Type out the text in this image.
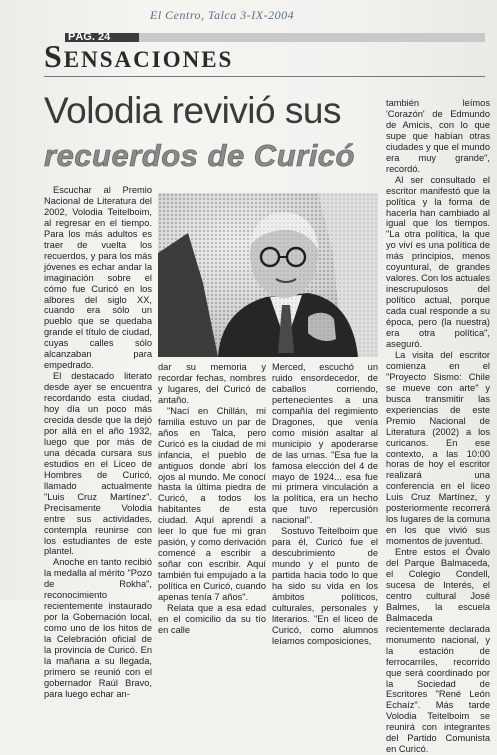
El Centro, Talca 3-IX-2004
PÁG. 24
SENSACIONES
Volodia revivió sus
recuerdos de Curicó

Escuchar al Premio Nacional de Literatura del 2002, Volodia Teitelboim, al regresar en el tiempo. Para los más adultos es traer de vuelta los recuerdos, y para los más jóvenes es echar andar la imaginación sobre el cómo fue Curicó en los albores del siglo XX, cuando era sólo un pueblo que se quedaba grande el título de ciudad, cuyas calles sólo alcanzaban para empedrado.

El destacado literato desde ayer se encuentra recordando esta ciudad, hoy día un poco más crecida desde que la dejó por allá en el año 1932, luego que por más de una década cursara sus estudios en el Liceo de Hombres de Curicó, llamado actualmente "Luis Cruz Martínez". Precisamente Volodia entre sus actividades, contempla reunirse con los estudiantes de este plantel.

Anoche en tanto recibió la medalla al mérito "Pozo de Rokha", reconocimiento recientemente instaurado por la Gobernación local, como uno de los hitos de la Celebración oficial de la provincia de Curicó. En la mañana a su llegada, primero se reunió con el gobernador Raúl Bravo, para luego echar an-

dar su memoria y recordar fechas, nombres y lugares, del Curicó de antaño.

"Nací en Chillán, mi familia estuvo un par de años en Talca, pero Curicó es la ciudad de mi infancia, el pueblo de antiguos donde abrí los ojos al mundo. Me conocí hasta la última piedra de Curicó, a todos los habitantes de esta ciudad. Aquí aprendí a leer lo que fue mi gran pasión, y como derivación comencé a escribir a soñar con escribir. Aquí también fui empujado a la política en Curicó, cuando apenas tenía 7 años".

Relata que a esa edad en el comicilio da su tío en calle

Merced, escuchó un ruido ensordecedor, de caballos corriendo, pertenecientes a una compañía del regimiento Dragones, que venía como misión asaltar al municipio y apoderarse de las urnas. "Esa fue la famosa elección del 4 de mayo de 1924... esa fue mi primera vinculación a la política, era un hecho que tuvo repercusión nacional".

Sostuvo Teitelboim que para él, Curicó fue el descubrimiento de mundo y el punto de partida hacia todo lo que ha sido su vida en los ámbitos políticos, culturales, personales y literarios. "En el liceo de Curicó, como alumnos leíamos composiciones,

también leímos 'Corazón' de Edmundo de Amicis, con lo que supe que habían otras ciudades y que el mundo era muy grande", recordó.

Al ser consultado el escritor manifestó que la política y la forma de hacerla han cambiado al igual que los tiempos. "La otra política, la que yo viví es una política de más principios, menos coyuntural, de grandes valores. Con los actuales inescrupulosos del político actual, porque cada cual responde a su época, pero (la nuestra) era otra política", aseguró.

La visita del escritor comienza en el "Proyecto Sismo: Chile se mueve con arte" y busca transmitir las experiencias de este Premio Nacional de Literatura (2002) a los curicanos. En ese contexto, a las 10:00 horas de hoy el escritor realizará una conferencia en el liceo Luis Cruz Martínez, y posteriormente recorrerá los lugares de la comuna en los que vivió sus momentos de juventud.

Entre estos el Óvalo del Parque Balmaceda, el Colegio Condell, sucesa de Interés, el centro cultural José Balmes, la escuela Balmaceda recientemente declarada monumento nacional, y la estación de ferrocarriles, recorrido que será coordinado por la Sociedad de Escritores "René León Echaíz". Más tarde Volodia Teitelboim se reunirá con integrantes del Partido Comunista en Curicó.
